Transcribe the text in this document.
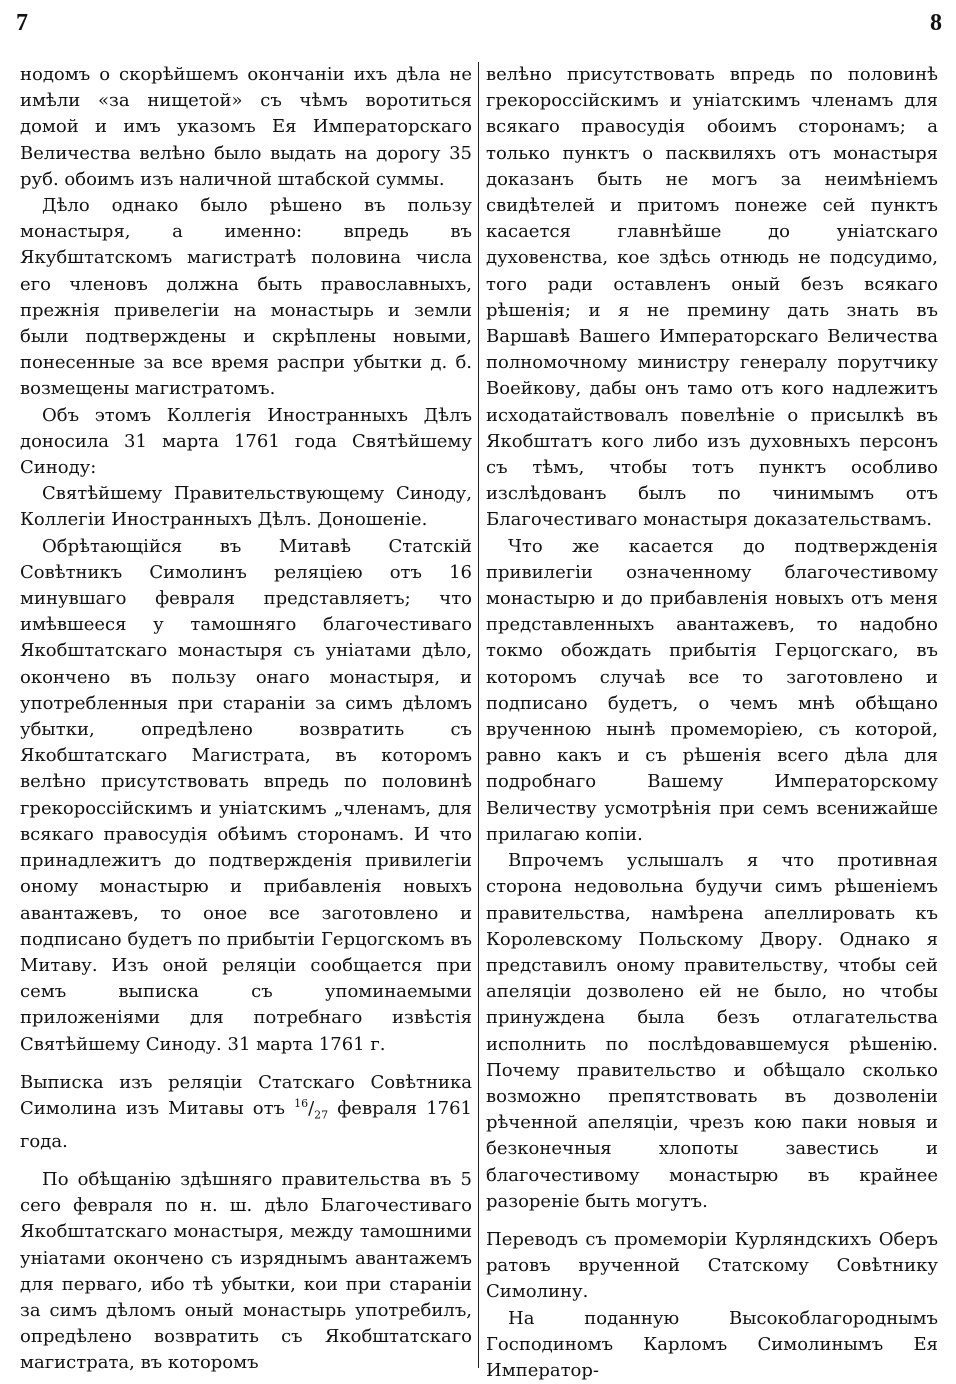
7	8

нодомъ о скорѣйшемъ окончанiи ихъ дѣла не имѣли «за нищетой» съ чѣмъ воротиться домой и имъ указомъ Ея Императорскаго Величества велѣно было выдать на дорогу 35 руб. обоимъ изъ наличной штабской суммы.

Дѣло однако было рѣшено въ пользу монастыря, а именно: впредь въ Якубштатскомъ магистратѣ половина числа его членовъ должна быть православныхъ, прежнiя привелегiи на монастырь и земли были подтверждены и скрѣплены новыми, понесенные за все время распри убытки д. б. возмещены магистратомъ.

Объ этомъ Коллегiя Иностранныхъ Дѣлъ доносила 31 марта 1761 года Святѣйшему Синоду:

Святѣйшему Правительствующему Синоду, Коллегiи Иностранныхъ Дѣлъ. Доношенiе.

Обрѣтающiйся въ Митавѣ Статскiй Совѣтникъ Симолинъ реляцiею отъ 16 минувшаго февраля представляетъ; что имѣвшееся у тамошняго благочестиваго Якобштатскаго монастыря съ унiатами дѣло, окончено въ пользу онаго монастыря, и употребленныя при старанiи за симъ дѣломъ убытки, опредѣлено возвратить съ Якобштатскаго Магистрата, въ которомъ велѣно присутствовать впредь по половинѣ грекороссiйскимъ и унiатскимъ „членамъ, для всякаго правосудiя обѣимъ сторонамъ. И что принадлежитъ до подтвержденiя привилегiи оному монастырю и прибавленiя новыхъ авантажевъ, то оное все заготовлено и подписано будетъ по прибытiи Герцогскомъ въ Митаву. Изъ оной реляцiи сообщается при семъ выписка съ упоминаемыми приложенiями для потребнаго извѣстiя Святѣйшему Синоду. 31 марта 1761 г.

Выписка изъ реляцiи Статскаго Совѣтника Симолина изъ Митавы отъ $^{16}/_{27}$ февраля 1761 года.

По обѣщанiю здѣшняго правительства въ 5 сего февраля по н. ш. дѣло Благочестиваго Якобштатскаго монастыря, между тамошними унiатами окончено съ изряднымъ авантажемъ для перваго, ибо тѣ убытки, кои при старанiи за симъ дѣломъ оный монастырь употребилъ, опредѣлено возвратить съ Якобштатскаго магистрата, въ которомъ

велѣно присутствовать впредь по половинѣ грекороссiйскимъ и унiатскимъ членамъ для всякаго правосудiя обоимъ сторонамъ; а только пунктъ о пасквиляхъ отъ монастыря доказанъ быть не могъ за неимѣнiемъ свидѣтелей и притомъ понеже сей пунктъ касается главнѣйше до унiатскаго духовенства, кое здѣсь отнюдь не подсудимо, того ради оставленъ оный безъ всякаго рѣшенiя; и я не премину дать знать въ Варшавѣ Вашего Императорскаго Величества полномочному министру генералу порутчику Воейкову, дабы онъ тамо отъ кого надлежитъ исходатайствовалъ повелѣнiе о присылкѣ въ Якобштатъ кого либо изъ духовныхъ персонъ съ тѣмъ, чтобы тотъ пунктъ особливо изслѣдованъ былъ по чинимымъ отъ Благочестиваго монастыря доказательствамъ.

Что же касается до подтвержденiя привилегiи означенному благочестивому монастырю и до прибавленiя новыхъ отъ меня представленныхъ авантажевъ, то надобно токмо обождать прибытiя Герцогскаго, въ которомъ случаѣ все то заготовлено и подписано будетъ, о чемъ мнѣ обѣщано врученною нынѣ промеморiею, съ которой, равно какъ и съ рѣшенiя всего дѣла для подробнаго Вашему Императорскому Величеству усмотрѣнiя при семъ всенижайше прилагаю копiи.

Впрочемъ услышалъ я что противная сторона недовольна будучи симъ рѣшенiемъ правительства, намѣрена апеллировать къ Королевскому Польскому Двору. Однако я представилъ оному правительству, чтобы сей апеляцiи дозволено ей не было, но чтобы принуждена была безъ отлагательства исполнить по послѣдовавшемуся рѣшенiю. Почему правительство и обѣщало сколько возможно препятствовать въ дозволенiи рѣченной апеляцiи, чрезъ кою паки новыя и безконечныя хлопоты завестись и благочестивому монастырю въ крайнее разоренiе быть могутъ.

Переводъ съ промеморiи Курляндскихъ Оберъ ратовъ врученной Статскому Совѣтнику Симолину.

На поданную Высокоблагороднымъ Господиномъ Карломъ Симолинымъ Ея Император-
